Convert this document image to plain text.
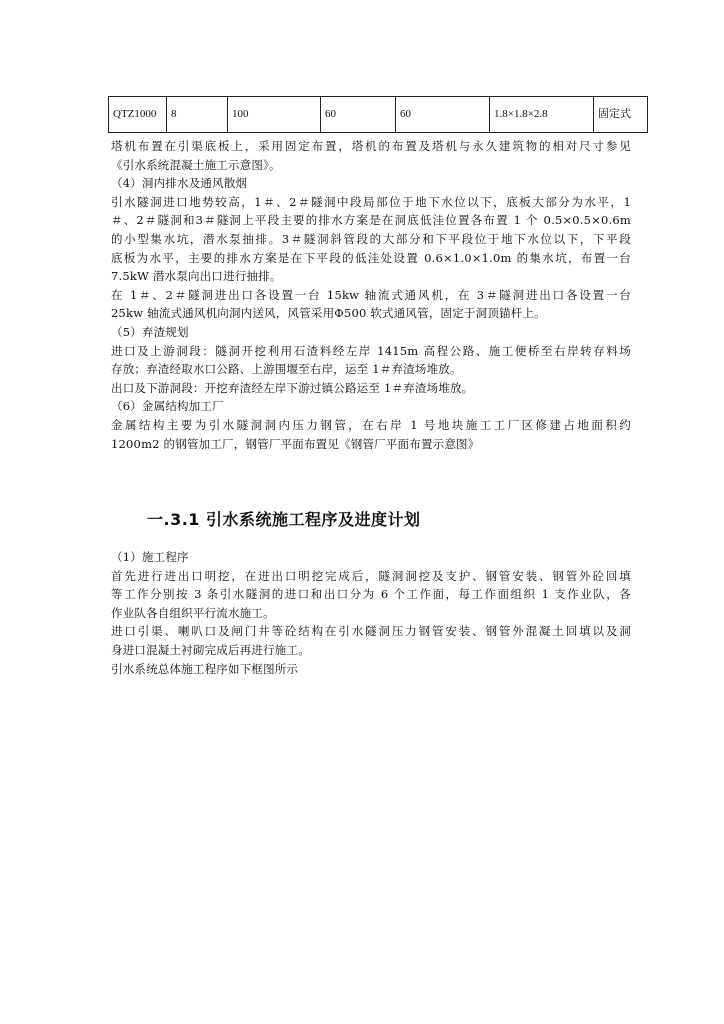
QTZ1000	8	100	60	60	1.8×1.8×2.8	固定式
塔机布置在引渠底板上，采用固定布置，塔机的布置及塔机与永久建筑物的相对尺寸参见
《引水系统混凝土施工示意图》。
（4）洞内排水及通风散烟
引水隧洞进口地势较高，1＃、2＃隧洞中段局部位于地下水位以下，底板大部分为水平，1
＃、2＃隧洞和3＃隧洞上平段主要的排水方案是在洞底低洼位置各布置 1 个 0.5×0.5×0.6m
的小型集水坑，潜水泵抽排。3＃隧洞斜管段的大部分和下平段位于地下水位以下，下平段
底板为水平，主要的排水方案是在下平段的低洼处设置 0.6×1.0×1.0m 的集水坑，布置一台
7.5kW 潜水泵向出口进行抽排。
在 1＃、2＃隧洞进出口各设置一台 15kw 轴流式通风机，在 3＃隧洞进出口各设置一台
25kw 轴流式通风机向洞内送风，风管采用Φ500 软式通风管，固定于洞顶锚杆上。
（5）弃渣规划
进口及上游洞段：隧洞开挖利用石渣料经左岸 1415m 高程公路、施工便桥至右岸转存料场
存放；弃渣经取水口公路、上游围堰至右岸，运至 1＃弃渣场堆放。
出口及下游洞段：开挖弃渣经左岸下游过镇公路运至 1＃弃渣场堆放。
（6）金属结构加工厂
金属结构主要为引水隧洞洞内压力钢管，在右岸 1 号地块施工工厂区修建占地面积约
1200m2 的钢管加工厂，钢管厂平面布置见《钢管厂平面布置示意图》
一.3.1 引水系统施工程序及进度计划
（1）施工程序
首先进行进出口明挖，在进出口明挖完成后，隧洞洞挖及支护、钢管安装、钢管外砼回填
等工作分别按 3 条引水隧洞的进口和出口分为 6 个工作面，每工作面组织 1 支作业队，各
作业队各自组织平行流水施工。
进口引渠、喇叭口及闸门井等砼结构在引水隧洞压力钢管安装、钢管外混凝土回填以及洞
身进口混凝土衬砌完成后再进行施工。
引水系统总体施工程序如下框图所示
